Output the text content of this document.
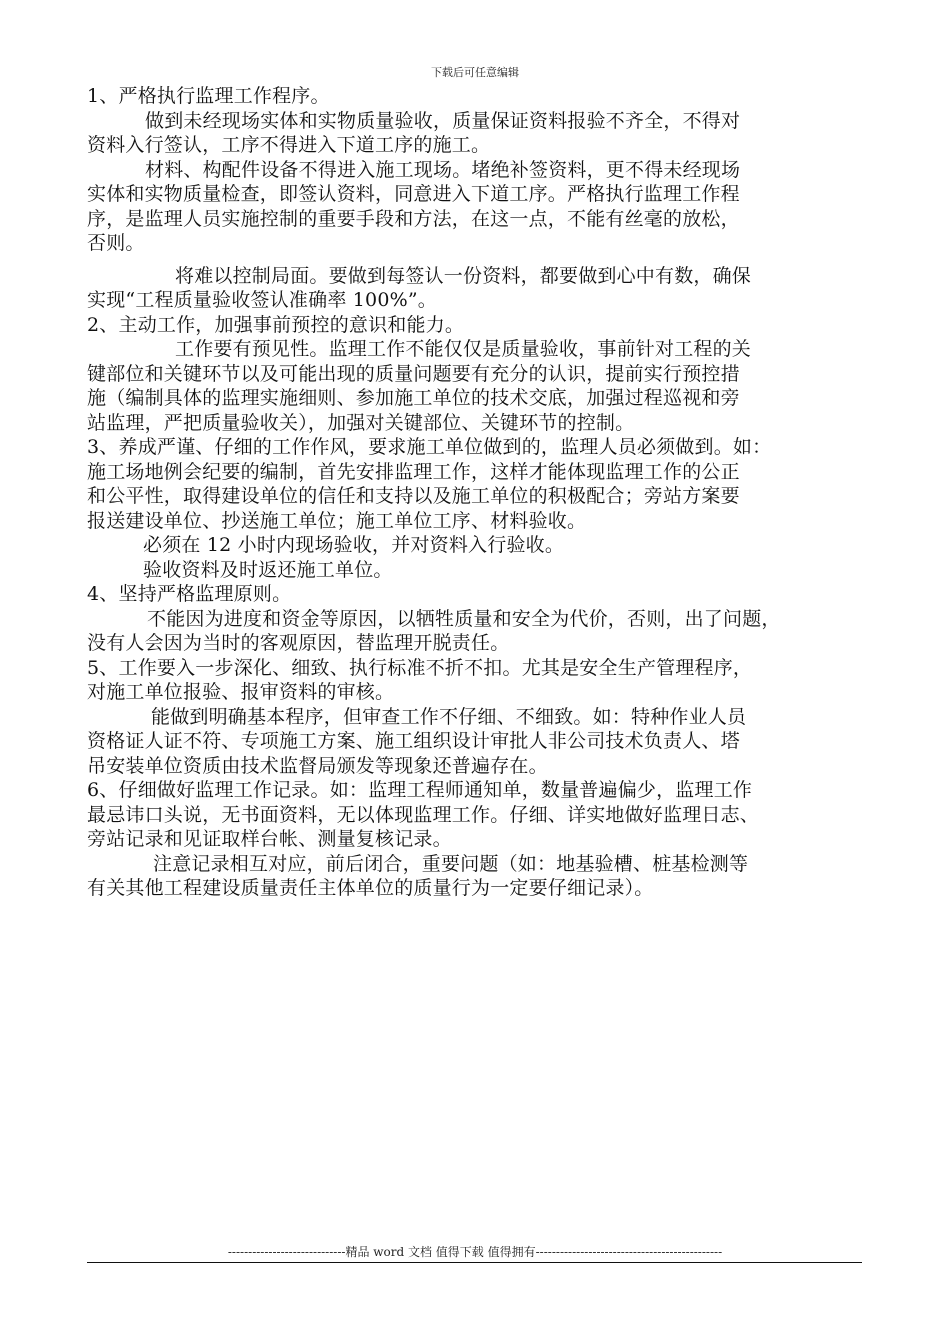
下载后可任意编辑
1、严格执行监理工作程序。
做到未经现场实体和实物质量验收，质量保证资料报验不齐全，不得对
资料入行签认，工序不得进入下道工序的施工。
材料、构配件设备不得进入施工现场。堵绝补签资料，更不得未经现场
实体和实物质量检查，即签认资料，同意进入下道工序。严格执行监理工作程
序，是监理人员实施控制的重要手段和方法，在这一点，不能有丝毫的放松，
否则。
将难以控制局面。要做到每签认一份资料，都要做到心中有数，确保
实现“工程质量验收签认准确率 100%”。
2、主动工作，加强事前预控的意识和能力。
工作要有预见性。监理工作不能仅仅是质量验收，事前针对工程的关
键部位和关键环节以及可能出现的质量问题要有充分的认识，提前实行预控措
施（编制具体的监理实施细则、参加施工单位的技术交底，加强过程巡视和旁
站监理，严把质量验收关），加强对关键部位、关键环节的控制。
3、养成严谨、仔细的工作作风，要求施工单位做到的，监理人员必须做到。如：
施工场地例会纪要的编制，首先安排监理工作，这样才能体现监理工作的公正
和公平性，取得建设单位的信任和支持以及施工单位的积极配合；旁站方案要
报送建设单位、抄送施工单位；施工单位工序、材料验收。
必须在 12 小时内现场验收，并对资料入行验收。
验收资料及时返还施工单位。
4、坚持严格监理原则。
不能因为进度和资金等原因，以牺牲质量和安全为代价，否则，出了问题，
没有人会因为当时的客观原因，替监理开脱责任。
5、工作要入一步深化、细致、执行标准不折不扣。尤其是安全生产管理程序，
对施工单位报验、报审资料的审核。
能做到明确基本程序，但审查工作不仔细、不细致。如：特种作业人员
资格证人证不符、专项施工方案、施工组织设计审批人非公司技术负责人、塔
吊安装单位资质由技术监督局颁发等现象还普遍存在。
6、仔细做好监理工作记录。如：监理工程师通知单，数量普遍偏少，监理工作
最忌讳口头说，无书面资料，无以体现监理工作。仔细、详实地做好监理日志、
旁站记录和见证取样台帐、测量复核记录。
注意记录相互对应，前后闭合，重要问题（如：地基验槽、桩基检测等
有关其他工程建设质量责任主体单位的质量行为一定要仔细记录）。
-----------------------------精品 word 文档 值得下载 值得拥有----------------------------------------------
